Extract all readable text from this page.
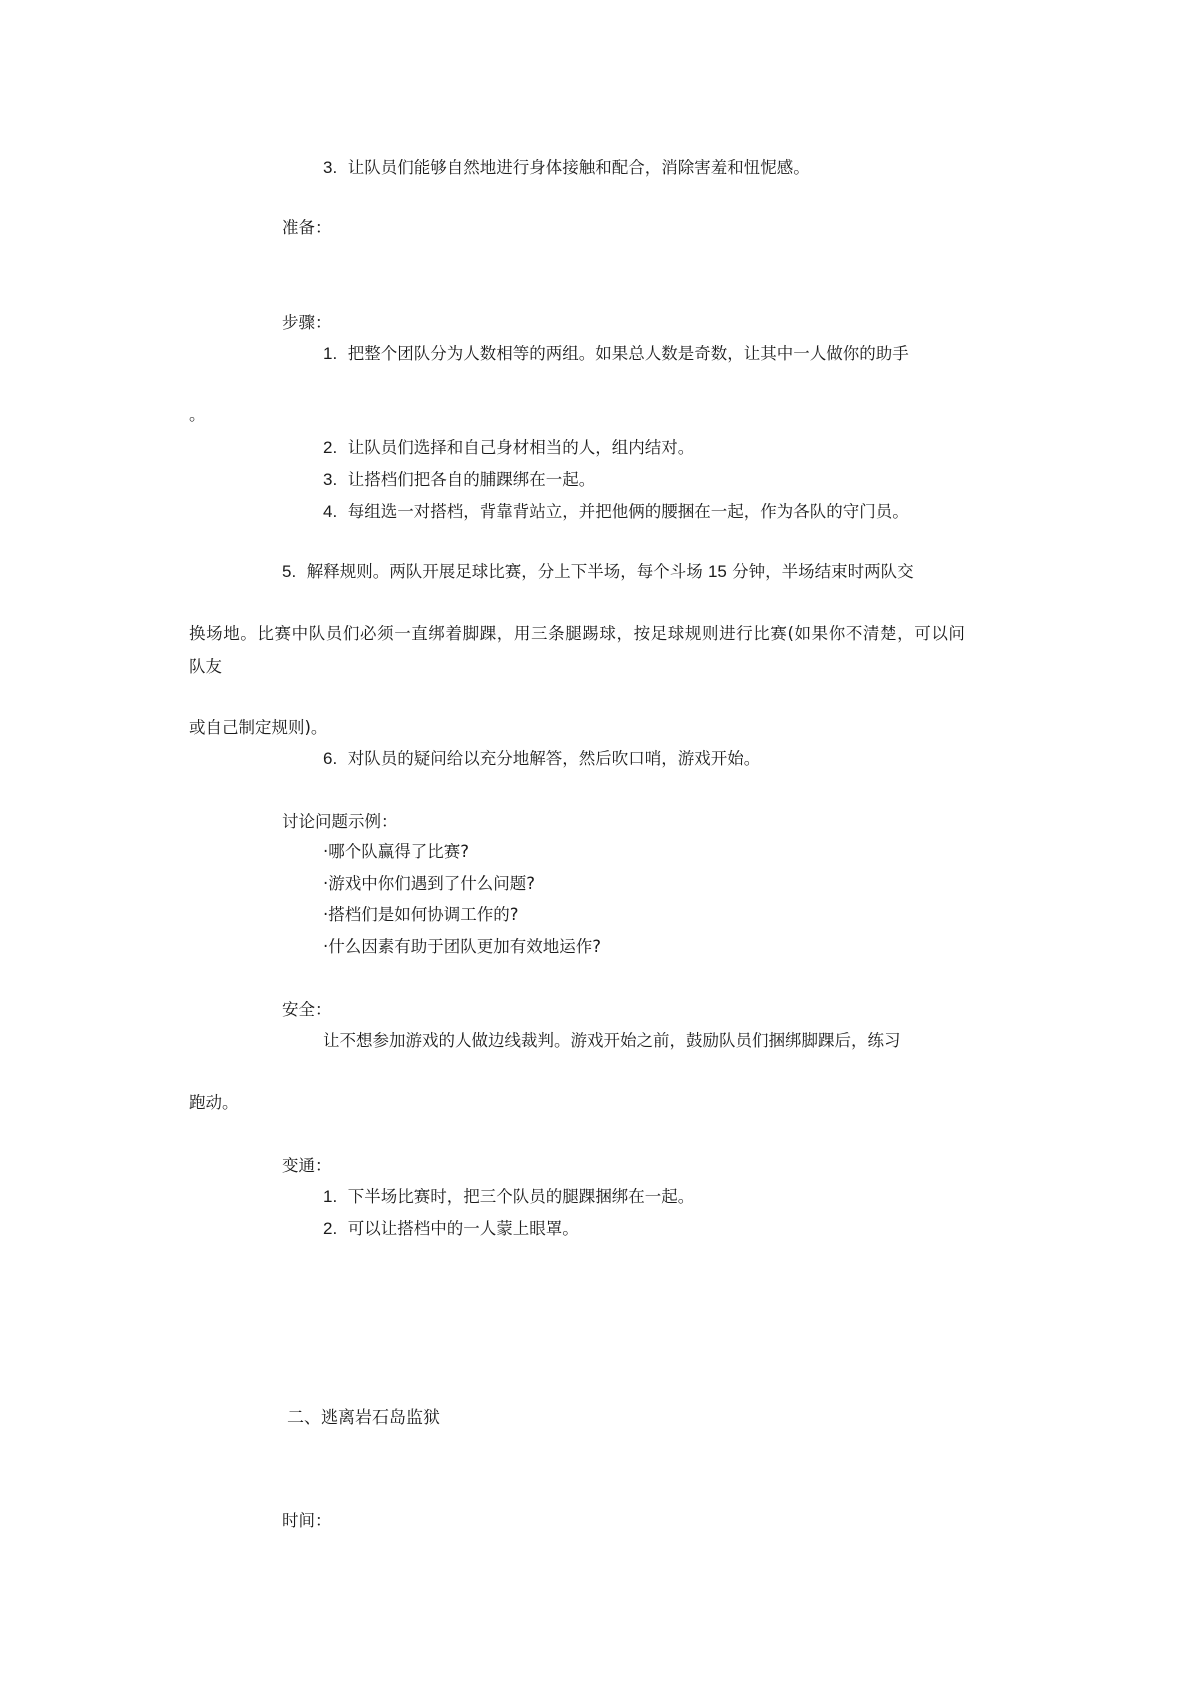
3. 让队员们能够自然地进行身体接触和配合，消除害羞和忸怩感。
准备：
步骤：
1. 把整个团队分为人数相等的两组。如果总人数是奇数，让其中一人做你的助手
。
2. 让队员们选择和自己身材相当的人，组内结对。
3. 让搭档们把各自的脯踝绑在一起。
4. 每组选一对搭档，背靠背站立，并把他俩的腰捆在一起，作为各队的守门员。
5. 解释规则。两队开展足球比赛，分上下半场，每个斗场 15 分钟，半场结束时两队交
换场地。比赛中队员们必须一直绑着脚踝，用三条腿踢球，按足球规则进行比赛(如果你不清楚，可以问
队友
或自己制定规则)。
6. 对队员的疑问给以充分地解答，然后吹口哨，游戏开始。
讨论问题示例：
·哪个队赢得了比赛?
·游戏中你们遇到了什么问题?
·搭档们是如何协调工作的?
·什么因素有助于团队更加有效地运作?
安全：
让不想参加游戏的人做边线裁判。游戏开始之前，鼓励队员们捆绑脚踝后，练习
跑动。
变通：
1. 下半场比赛时，把三个队员的腿踝捆绑在一起。
2. 可以让搭档中的一人蒙上眼罩。
二、逃离岩石岛监狱
时间：
